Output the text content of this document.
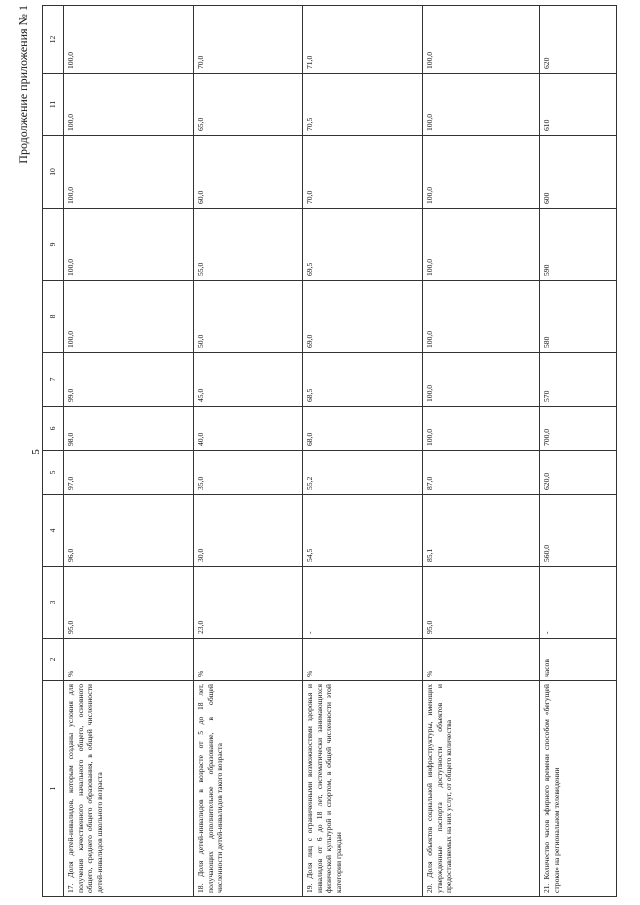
Продолжение приложения № 1
5
1	2	3	4	5	6	7	8	9	10	11	12
17. Доля детей-инвалидов, которым созданы условия для получения качественного начального общего, основного общего, среднего общего образования, в общей численности детей-инвалидов школьного возраста	%	95,0	96,0	97,0	98,0	99,0	100,0	100,0	100,0	100,0	100,0
18. Доля детей-инвалидов в возрасте от 5 до 18 лет, получающих дополнительное образование, в общей численности детей-инвалидов такого возраста	%	23,0	30,0	35,0	40,0	45,0	50,0	55,0	60,0	65,0	70,0
19. Доля лиц с ограниченными возможностями здоровья и инвалидов от 6 до 18 лет, систематически занимающихся физической культурой и спортом, в общей численности этой категории граждан	%	-	54,5	55,2	68,0	68,5	69,0	69,5	70,0	70,5	71,0
20. Доля объектов социальной инфраструктуры, имеющих утвержденные паспорта доступности объектов и предоставляемых на них услуг, от общего количества	%	95,0	85,1	87,0	100,0	100,0	100,0	100,0	100,0	100,0	100,0
21. Количество часов эфирного времени способом «бегущей строки» на региональном телевидении	часов	-	560,0	620,0	700,0	570	580	590	600	610	620
